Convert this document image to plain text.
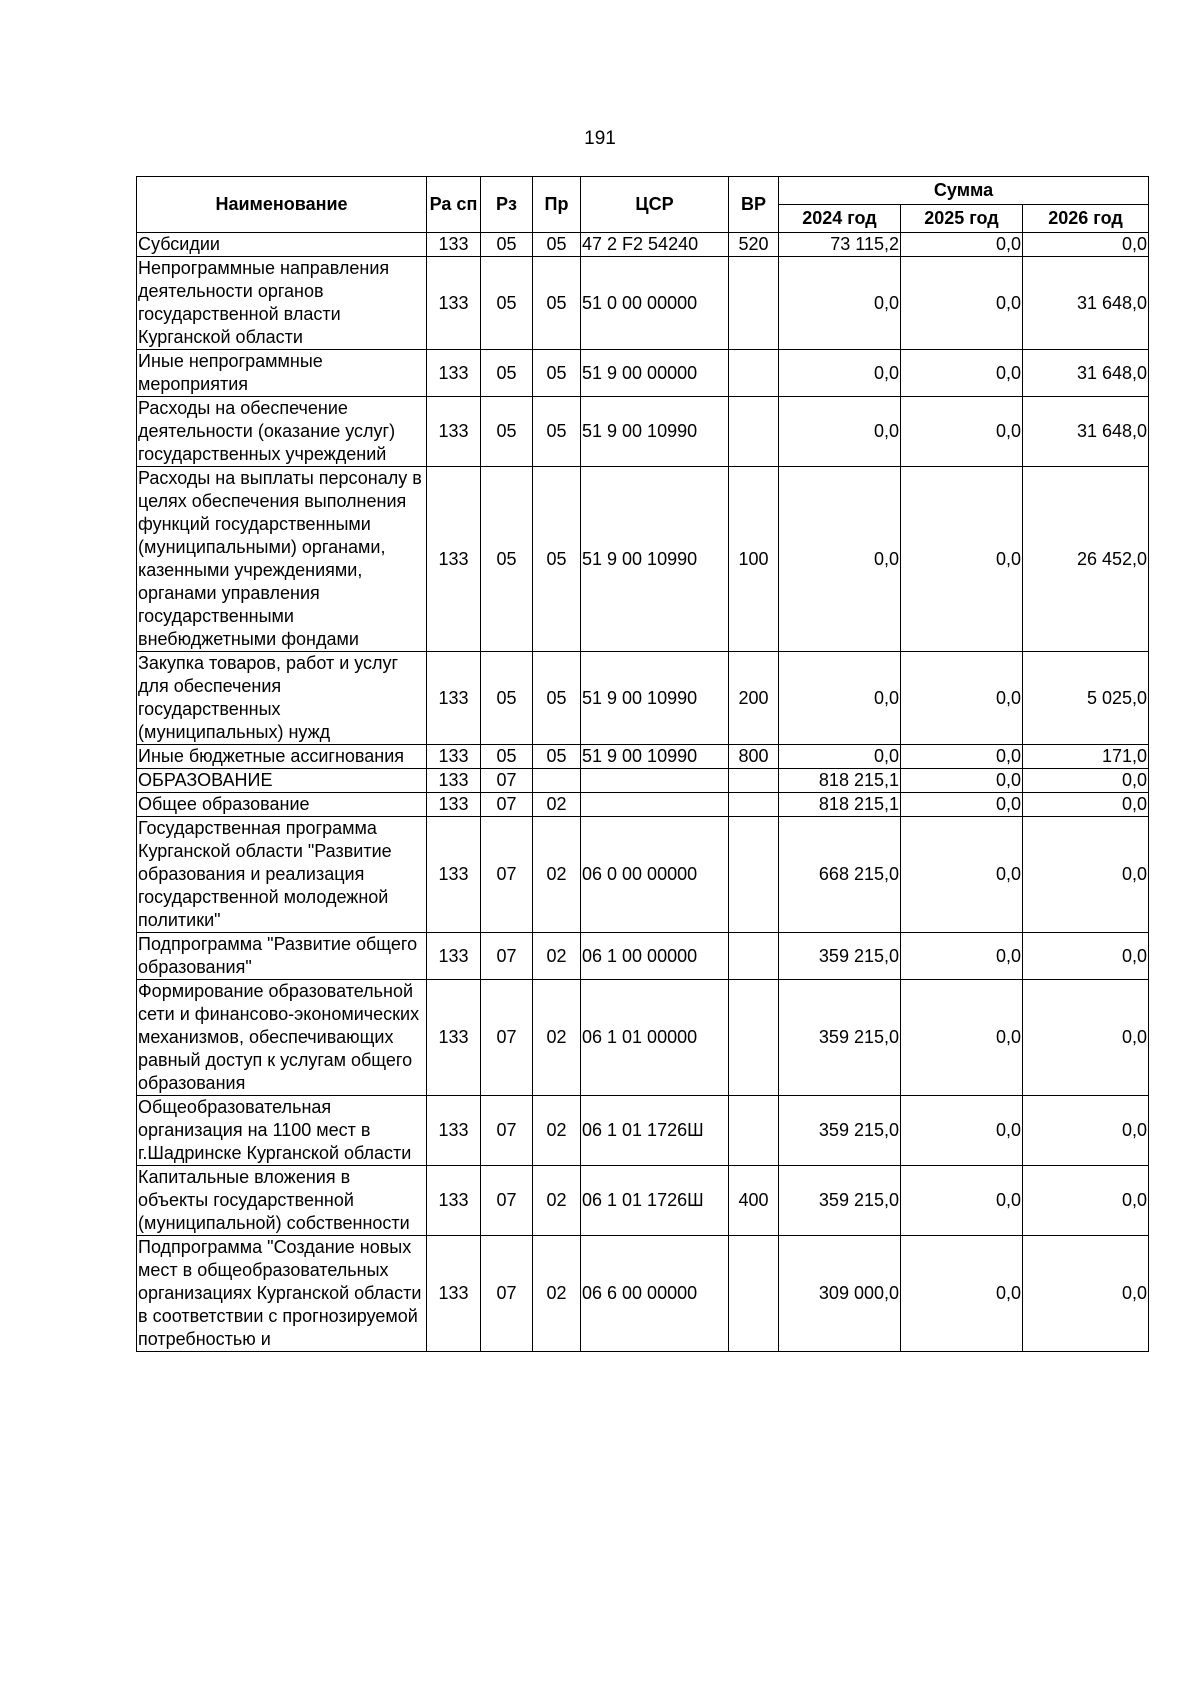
191
Наименование	Ра сп	Рз	Пр	ЦСР	ВР	Сумма		
						2024 год	2025 год	2026 год
Субсидии	133	05	05	47 2 F2 54240	520	73 115,2	0,0	0,0
Непрограммные направления деятельности органов государственной власти Курганской области	133	05	05	51 0 00 00000		0,0	0,0	31 648,0
Иные непрограммные мероприятия	133	05	05	51 9 00 00000		0,0	0,0	31 648,0
Расходы на обеспечение деятельности (оказание услуг) государственных учреждений	133	05	05	51 9 00 10990		0,0	0,0	31 648,0
Расходы на выплаты персоналу в целях обеспечения выполнения функций государственными (муниципальными) органами, казенными учреждениями, органами управления государственными внебюджетными фондами	133	05	05	51 9 00 10990	100	0,0	0,0	26 452,0
Закупка товаров, работ и услуг для обеспечения государственных (муниципальных) нужд	133	05	05	51 9 00 10990	200	0,0	0,0	5 025,0
Иные бюджетные ассигнования	133	05	05	51 9 00 10990	800	0,0	0,0	171,0
ОБРАЗОВАНИЕ	133	07				818 215,1	0,0	0,0
Общее образование	133	07	02			818 215,1	0,0	0,0
Государственная программа Курганской области "Развитие образования и реализация государственной молодежной политики"	133	07	02	06 0 00 00000		668 215,0	0,0	0,0
Подпрограмма "Развитие общего образования"	133	07	02	06 1 00 00000		359 215,0	0,0	0,0
Формирование образовательной сети и финансово-экономических механизмов, обеспечивающих равный доступ к услугам общего образования	133	07	02	06 1 01 00000		359 215,0	0,0	0,0
Общеобразовательная организация на 1100 мест в г.Шадринске Курганской области	133	07	02	06 1 01 1726Ш		359 215,0	0,0	0,0
Капитальные вложения в объекты государственной (муниципальной) собственности	133	07	02	06 1 01 1726Ш	400	359 215,0	0,0	0,0
Подпрограмма "Создание новых мест в общеобразовательных организациях Курганской области в соответствии с прогнозируемой потребностью и	133	07	02	06 6 00 00000		309 000,0	0,0	0,0
